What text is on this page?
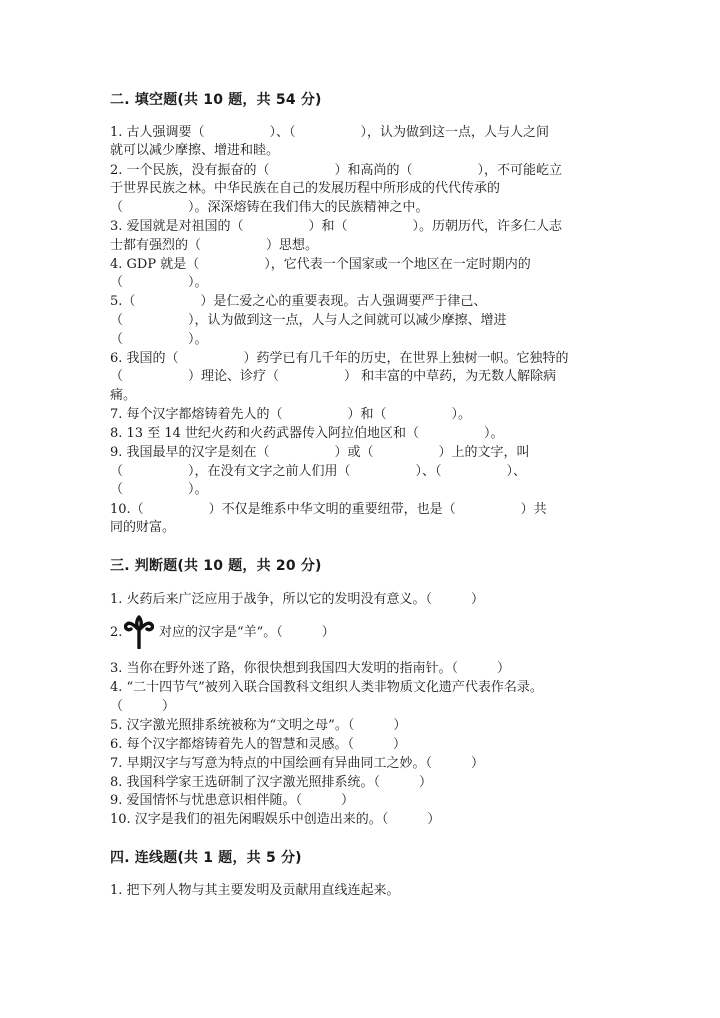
二. 填空题(共 10 题，共 54 分)
1. 古人强调要（　　　　　）、（　　　　　），认为做到这一点，人与人之间
就可以减少摩擦、增进和睦。
2. 一个民族，没有振奋的（　　　　　）和高尚的（　　　　　），不可能屹立
于世界民族之林。中华民族在自己的发展历程中所形成的代代传承的
（　　　　　）。深深熔铸在我们伟大的民族精神之中。
3. 爱国就是对祖国的（　　　　　）和（　　　　　）。历朝历代，许多仁人志
士都有强烈的（　　　　　）思想。
4. GDP 就是（　　　　　），它代表一个国家或一个地区在一定时期内的
（　　　　　）。
5.（　　　　　）是仁爱之心的重要表现。古人强调要严于律己、
（　　　　　），认为做到这一点，人与人之间就可以减少摩擦、增进
（　　　　　）。
6. 我国的（　　　　　）药学已有几千年的历史，在世界上独树一帜。它独特的
（　　　　　）理论、诊疗（　　　　　） 和丰富的中草药，为无数人解除病
痛。
7. 每个汉字都熔铸着先人的（　　　　　）和（　　　　　）。
8. 13 至 14 世纪火药和火药武器传入阿拉伯地区和（　　　　　）。
9. 我国最早的汉字是刻在（　　　　　）或（　　　　　）上的文字，叫
（　　　　　），在没有文字之前人们用（　　　　　）、（　　　　　）、
（　　　　　）。
10.（　　　　　）不仅是维系中华文明的重要纽带，也是（　　　　　）共
同的财富。
三. 判断题(共 10 题，共 20 分)
1. 火药后来广泛应用于战争，所以它的发明没有意义。（　　　）
2.	对应的汉字是“羊”。（　　　）
3. 当你在野外迷了路，你很快想到我国四大发明的指南针。（　　　）
4. “二十四节气”被列入联合国教科文组织人类非物质文化遗产代表作名录。
（　　　）
5. 汉字激光照排系统被称为“文明之母”。（　　　）
6. 每个汉字都熔铸着先人的智慧和灵感。（　　　）
7. 早期汉字与写意为特点的中国绘画有异曲同工之妙。（　　　）
8. 我国科学家王选研制了汉字激光照排系统。（　　　）
9. 爱国情怀与忧患意识相伴随。（　　　）
10. 汉字是我们的祖先闲暇娱乐中创造出来的。（　　　）
四. 连线题(共 1 题，共 5 分)
1. 把下列人物与其主要发明及贡献用直线连起来。
